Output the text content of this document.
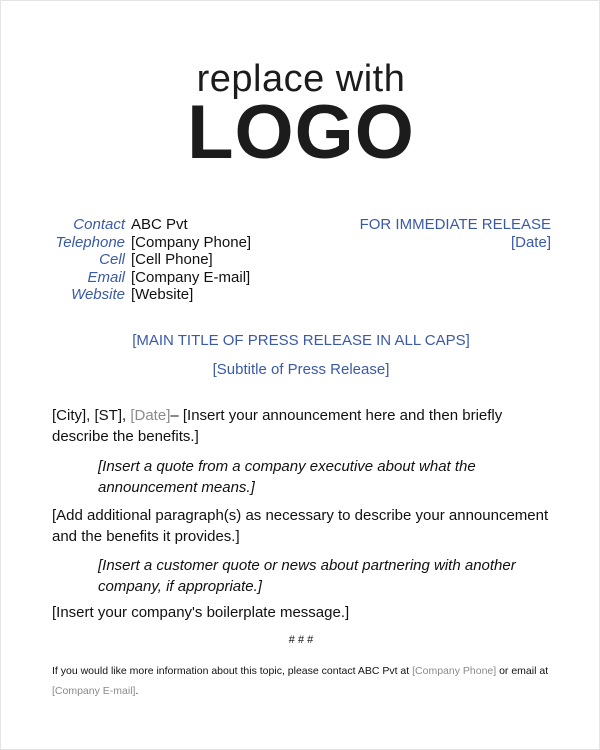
replace with
LOGO
Contact ABC Pvt
Telephone [Company Phone]
Cell [Cell Phone]
Email [Company E-mail]
Website [Website]
FOR IMMEDIATE RELEASE
[Date]
[MAIN TITLE OF PRESS RELEASE IN ALL CAPS]
[Subtitle of Press Release]
[City], [ST], [Date]– [Insert your announcement here and then briefly describe the benefits.]
[Insert a quote from a company executive about what the announcement means.]
[Add additional paragraph(s) as necessary to describe your announcement and the benefits it provides.]
[Insert a customer quote or news about partnering with another company, if appropriate.]
[Insert your company's boilerplate message.]
# # #
If you would like more information about this topic, please contact ABC Pvt at [Company Phone] or email at [Company E-mail].
